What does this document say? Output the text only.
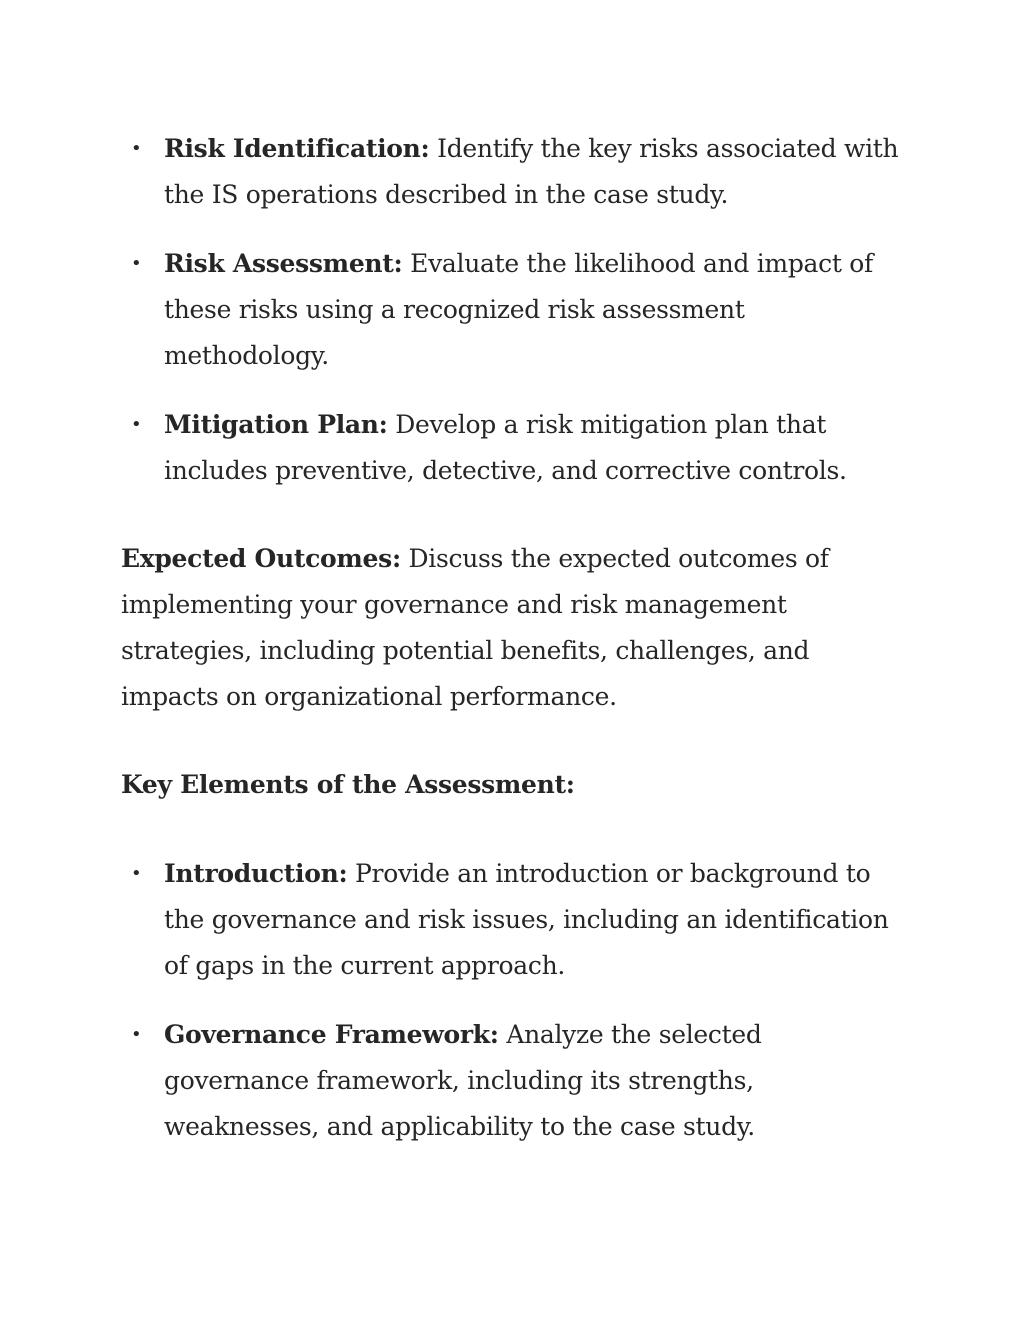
• Risk Identification: Identify the key risks associated with the IS operations described in the case study.
• Risk Assessment: Evaluate the likelihood and impact of these risks using a recognized risk assessment methodology.
• Mitigation Plan: Develop a risk mitigation plan that includes preventive, detective, and corrective controls.

Expected Outcomes: Discuss the expected outcomes of implementing your governance and risk management strategies, including potential benefits, challenges, and impacts on organizational performance.

Key Elements of the Assessment:

• Introduction: Provide an introduction or background to the governance and risk issues, including an identification of gaps in the current approach.
• Governance Framework: Analyze the selected governance framework, including its strengths, weaknesses, and applicability to the case study.
